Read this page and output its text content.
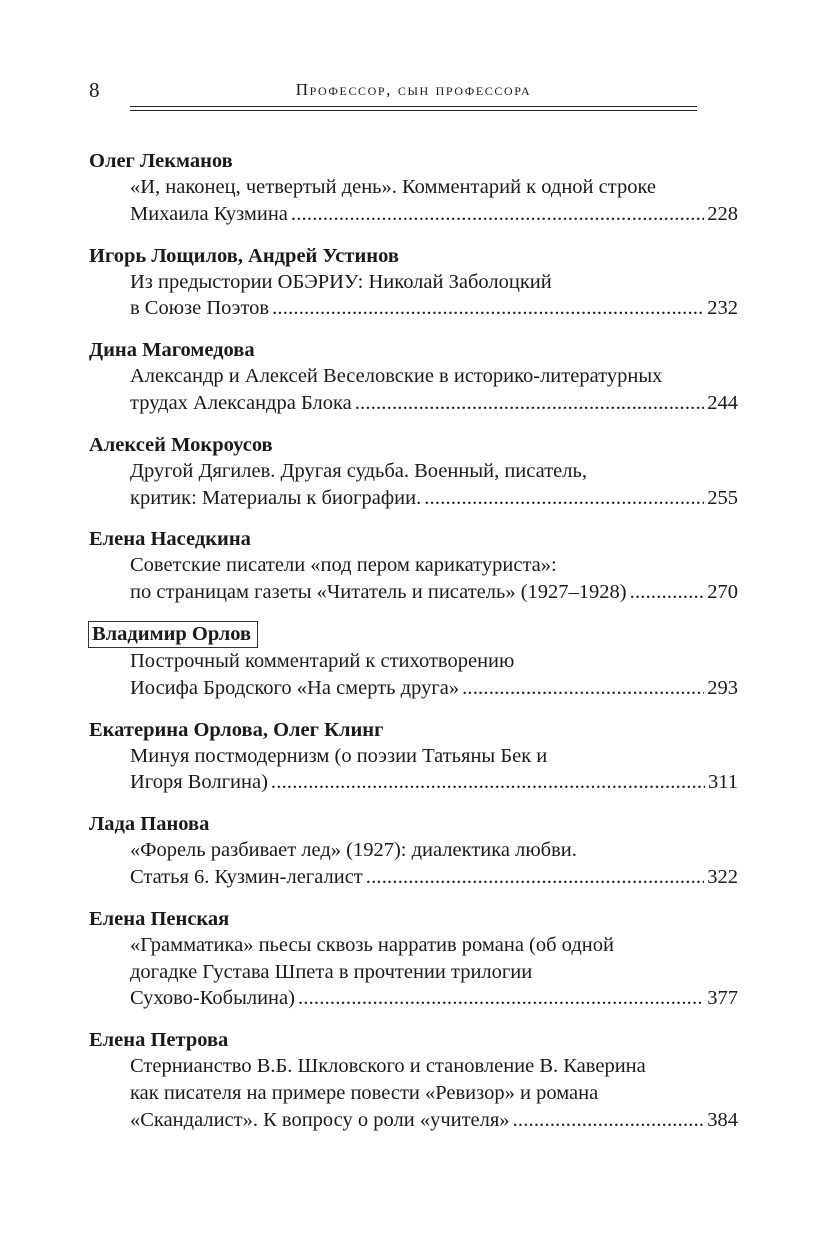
8	Профессор, сын профессора
Олег Лекманов
«И, наконец, четвертый день». Комментарий к одной строке
Михаила Кузмина .....	228
Игорь Лощилов, Андрей Устинов
Из предыстории ОБЭРИУ: Николай Заболоцкий
в Союзе Поэтов .....	232
Дина Магомедова
Александр и Алексей Веселовские в историко-литературных
трудах Александра Блока .....	244
Алексей Мокроусов
Другой Дягилев. Другая судьба. Военный, писатель,
критик: Материалы к биографии. .....	255
Елена Наседкина
Советские писатели «под пером карикатуриста»:
по страницам газеты «Читатель и писатель» (1927–1928) .....	270
Владимир Орлов
Построчный комментарий к стихотворению
Иосифа Бродского «На смерть друга» .....	293
Екатерина Орлова, Олег Клинг
Минуя постмодернизм (о поэзии Татьяны Бек и
Игоря Волгина) .....	311
Лада Панова
«Форель разбивает лед» (1927): диалектика любви.
Статья 6. Кузмин-легалист .....	322
Елена Пенская
«Грамматика» пьесы сквозь нарратив романа (об одной
догадке Густава Шпета в прочтении трилогии
Сухово-Кобылина) .....	377
Елена Петрова
Стернианство В.Б. Шкловского и становление В. Каверина
как писателя на примере повести «Ревизор» и романа
«Скандалист». К вопросу о роли «учителя» .....	384
